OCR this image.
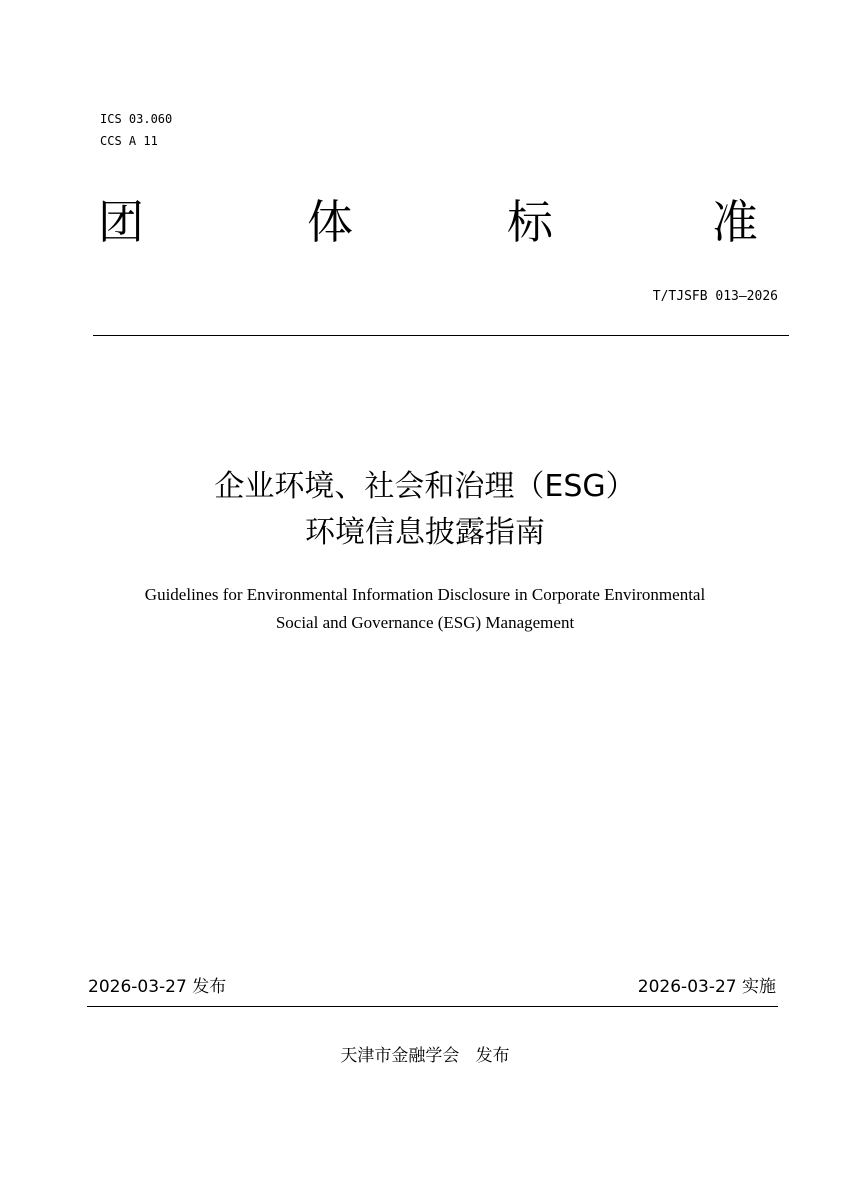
ICS 03.060
CCS A 11
团	体	标	准
T/TJSFB 013—2026
企业环境、社会和治理（ESG）
环境信息披露指南
Guidelines for Environmental Information Disclosure in Corporate Environmental
Social and Governance (ESG) Management
2026-03-27 发布	2026-03-27 实施
天津市金融学会   发布
